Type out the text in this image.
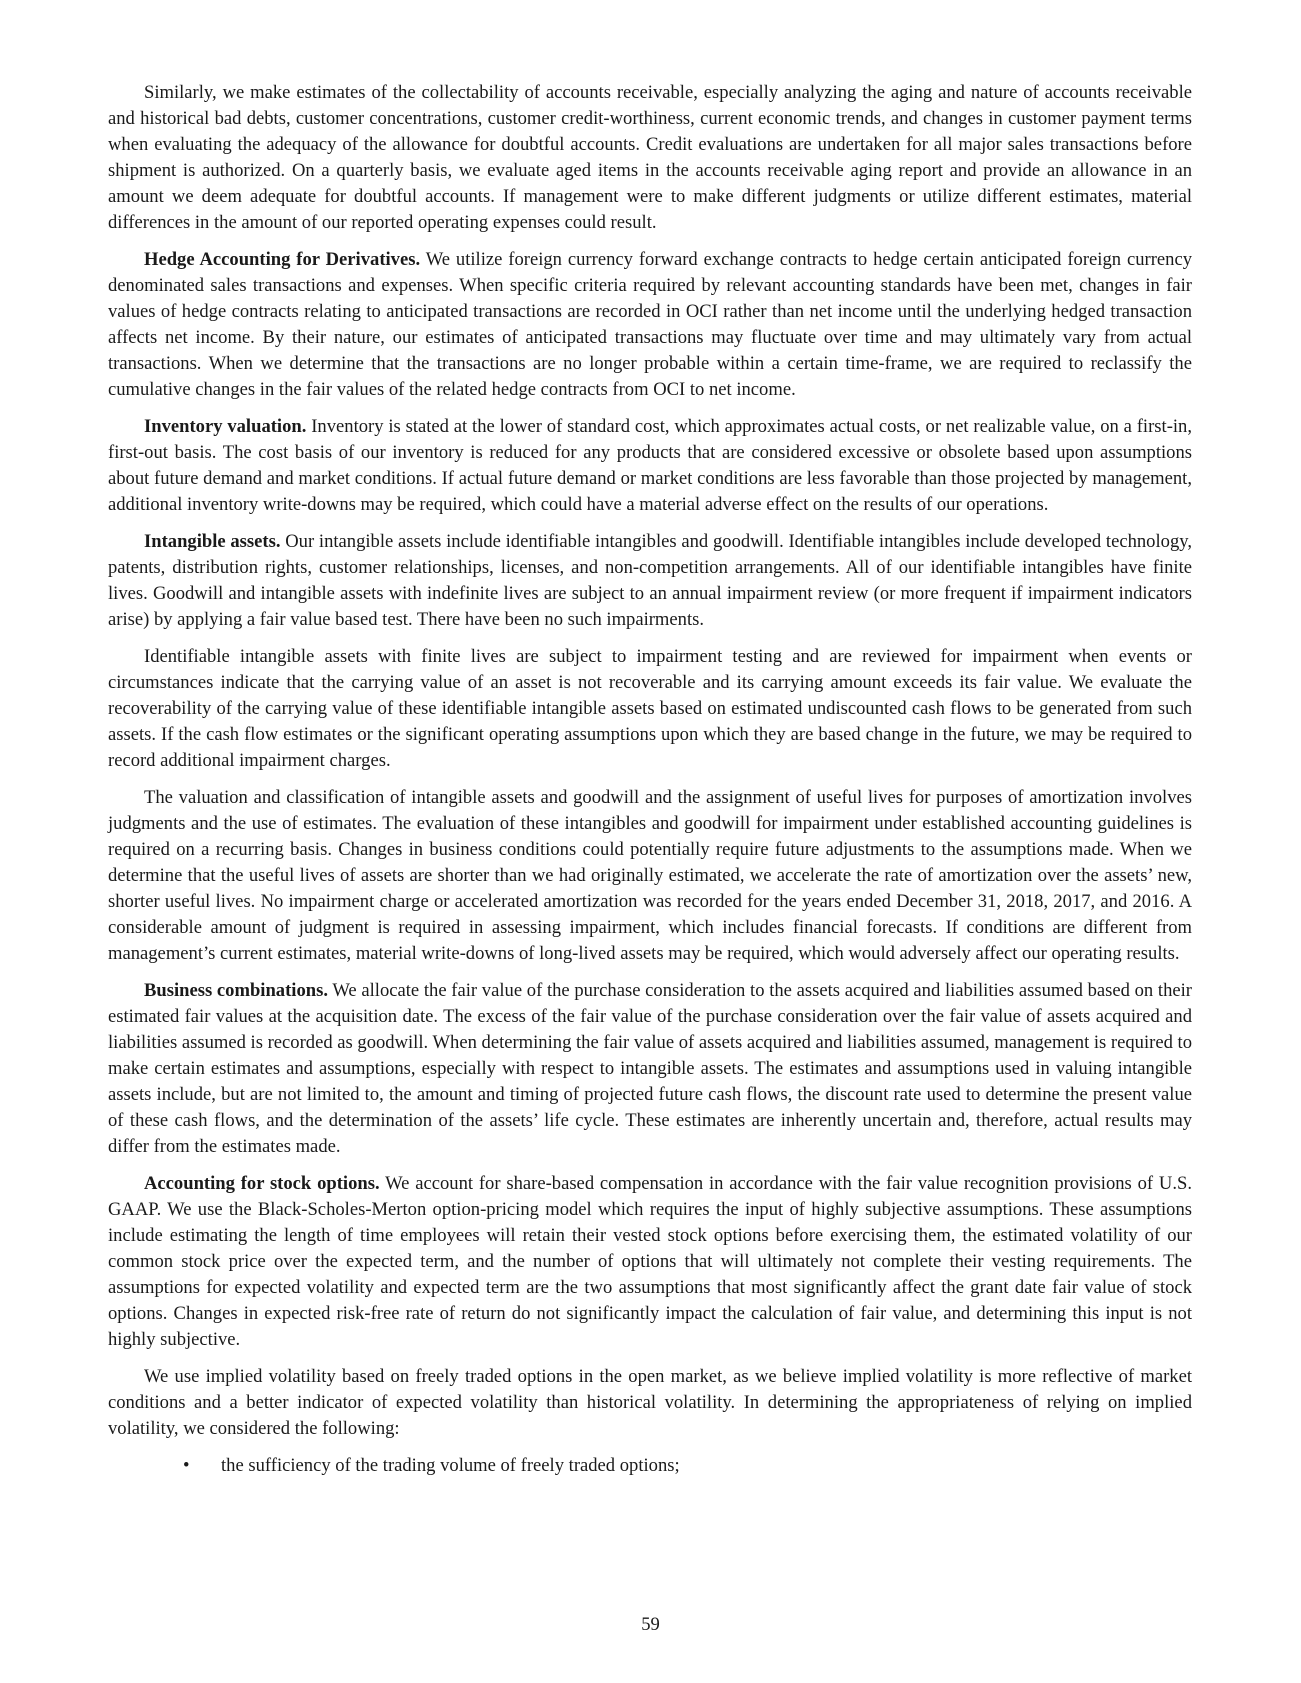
Similarly, we make estimates of the collectability of accounts receivable, especially analyzing the aging and nature of accounts receivable and historical bad debts, customer concentrations, customer credit-worthiness, current economic trends, and changes in customer payment terms when evaluating the adequacy of the allowance for doubtful accounts. Credit evaluations are undertaken for all major sales transactions before shipment is authorized. On a quarterly basis, we evaluate aged items in the accounts receivable aging report and provide an allowance in an amount we deem adequate for doubtful accounts. If management were to make different judgments or utilize different estimates, material differences in the amount of our reported operating expenses could result.

Hedge Accounting for Derivatives. We utilize foreign currency forward exchange contracts to hedge certain anticipated foreign currency denominated sales transactions and expenses. When specific criteria required by relevant accounting standards have been met, changes in fair values of hedge contracts relating to anticipated transactions are recorded in OCI rather than net income until the underlying hedged transaction affects net income. By their nature, our estimates of anticipated transactions may fluctuate over time and may ultimately vary from actual transactions. When we determine that the transactions are no longer probable within a certain time-frame, we are required to reclassify the cumulative changes in the fair values of the related hedge contracts from OCI to net income.

Inventory valuation. Inventory is stated at the lower of standard cost, which approximates actual costs, or net realizable value, on a first-in, first-out basis. The cost basis of our inventory is reduced for any products that are considered excessive or obsolete based upon assumptions about future demand and market conditions. If actual future demand or market conditions are less favorable than those projected by management, additional inventory write-downs may be required, which could have a material adverse effect on the results of our operations.

Intangible assets. Our intangible assets include identifiable intangibles and goodwill. Identifiable intangibles include developed technology, patents, distribution rights, customer relationships, licenses, and non-competition arrangements. All of our identifiable intangibles have finite lives. Goodwill and intangible assets with indefinite lives are subject to an annual impairment review (or more frequent if impairment indicators arise) by applying a fair value based test. There have been no such impairments.

Identifiable intangible assets with finite lives are subject to impairment testing and are reviewed for impairment when events or circumstances indicate that the carrying value of an asset is not recoverable and its carrying amount exceeds its fair value. We evaluate the recoverability of the carrying value of these identifiable intangible assets based on estimated undiscounted cash flows to be generated from such assets. If the cash flow estimates or the significant operating assumptions upon which they are based change in the future, we may be required to record additional impairment charges.

The valuation and classification of intangible assets and goodwill and the assignment of useful lives for purposes of amortization involves judgments and the use of estimates. The evaluation of these intangibles and goodwill for impairment under established accounting guidelines is required on a recurring basis. Changes in business conditions could potentially require future adjustments to the assumptions made. When we determine that the useful lives of assets are shorter than we had originally estimated, we accelerate the rate of amortization over the assets’ new, shorter useful lives. No impairment charge or accelerated amortization was recorded for the years ended December 31, 2018, 2017, and 2016. A considerable amount of judgment is required in assessing impairment, which includes financial forecasts. If conditions are different from management’s current estimates, material write-downs of long-lived assets may be required, which would adversely affect our operating results.

Business combinations. We allocate the fair value of the purchase consideration to the assets acquired and liabilities assumed based on their estimated fair values at the acquisition date. The excess of the fair value of the purchase consideration over the fair value of assets acquired and liabilities assumed is recorded as goodwill. When determining the fair value of assets acquired and liabilities assumed, management is required to make certain estimates and assumptions, especially with respect to intangible assets. The estimates and assumptions used in valuing intangible assets include, but are not limited to, the amount and timing of projected future cash flows, the discount rate used to determine the present value of these cash flows, and the determination of the assets’ life cycle. These estimates are inherently uncertain and, therefore, actual results may differ from the estimates made.

Accounting for stock options. We account for share-based compensation in accordance with the fair value recognition provisions of U.S. GAAP. We use the Black-Scholes-Merton option-pricing model which requires the input of highly subjective assumptions. These assumptions include estimating the length of time employees will retain their vested stock options before exercising them, the estimated volatility of our common stock price over the expected term, and the number of options that will ultimately not complete their vesting requirements. The assumptions for expected volatility and expected term are the two assumptions that most significantly affect the grant date fair value of stock options. Changes in expected risk-free rate of return do not significantly impact the calculation of fair value, and determining this input is not highly subjective.

We use implied volatility based on freely traded options in the open market, as we believe implied volatility is more reflective of market conditions and a better indicator of expected volatility than historical volatility. In determining the appropriateness of relying on implied volatility, we considered the following:

• the sufficiency of the trading volume of freely traded options;
59
